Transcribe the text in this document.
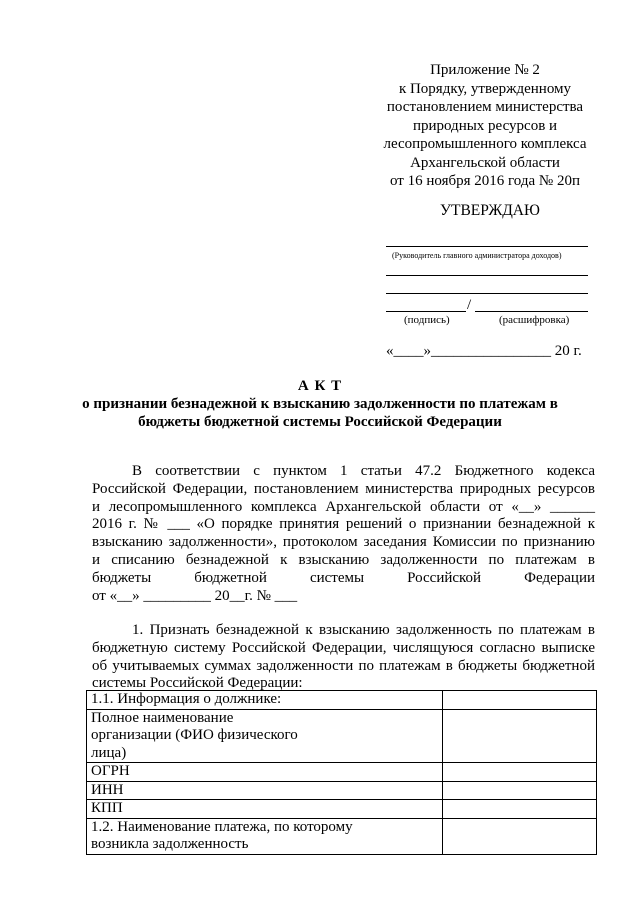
Приложение № 2
к Порядку, утвержденному
постановлением министерства
природных ресурсов и
лесопромышленного комплекса
Архангельской области
от 16 ноября 2016 года № 20п
УТВЕРЖДАЮ
(Руководитель главного администратора доходов)
/
(подпись)	(расшифровка)
«____»________________ 20 г.
А К Т
о признании безнадежной к взысканию задолженности по платежам в
бюджеты бюджетной системы Российской Федерации
В соответствии с пунктом 1 статьи 47.2 Бюджетного кодекса
Российской Федерации, постановлением министерства природных ресурсов
и лесопромышленного комплекса Архангельской области от «__» ______
2016 г. № ___ «О порядке принятия решений о признании безнадежной к
взысканию задолженности», протоколом заседания Комиссии по признанию
и списанию безнадежной к взысканию задолженности по платежам в
бюджеты бюджетной системы Российской Федерации
от «__» _________ 20__г. № ___
1. Признать безнадежной к взысканию задолженность по платежам в
бюджетную систему Российской Федерации, числящуюся согласно выписке
об учитываемых суммах задолженности по платежам в бюджеты бюджетной
системы Российской Федерации:
1.1. Информация о должнике:	
Полное наименование организации (ФИО физического лица)	
ОГРН	
ИНН	
КПП	
1.2. Наименование платежа, по которому возникла задолженность	
